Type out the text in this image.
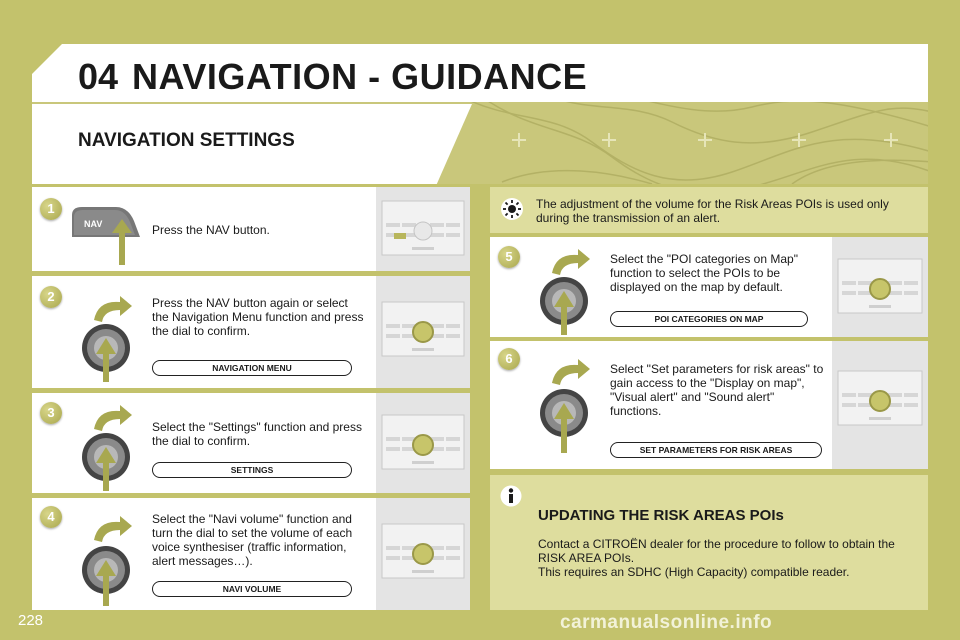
04 NAVIGATION - GUIDANCE
NAVIGATION SETTINGS
NAV
1
Press the NAV button.
2	Press the NAV button again or select the Navigation Menu function and press the dial to confirm.
NAVIGATION MENU
3
Select the "Settings" function and press the dial to confirm.
SETTINGS
4	Select the "Navi volume" function and turn the dial to set the volume of each voice synthesiser (traffic information, alert messages…).
NAVI VOLUME
The adjustment of the volume for the Risk Areas POIs is used only during the transmission of an alert.
5	Select the "POI categories on Map" function to select the POIs to be displayed on the map by default.
POI CATEGORIES ON MAP
6
Select "Set parameters for risk areas" to gain access to the "Display on map", "Visual alert" and "Sound alert" functions.
SET PARAMETERS FOR RISK AREAS
UPDATING THE RISK AREAS POIs
Contact a CITROËN dealer for the procedure to follow to obtain the RISK AREA POIs.
This requires an SDHC (High Capacity) compatible reader.
228	carmanualsonline.info
